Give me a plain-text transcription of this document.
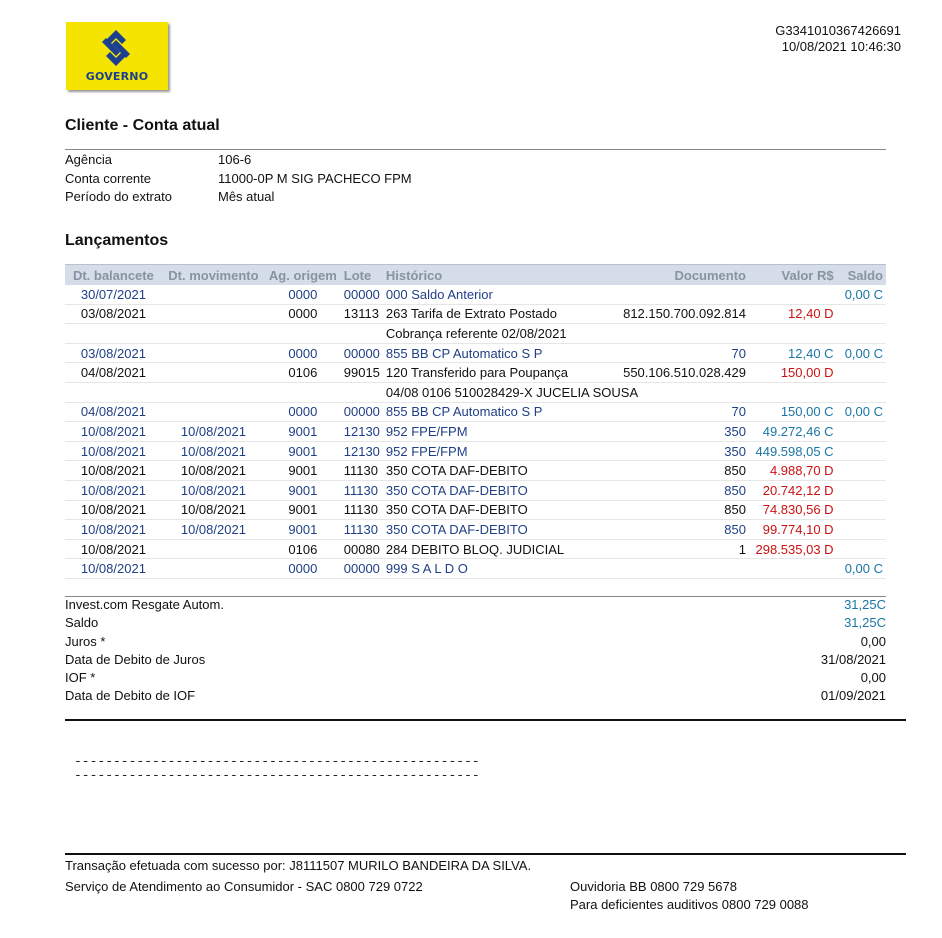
GOVERNO
G3341010367426691
10/08/2021 10:46:30
Cliente - Conta atual
Agência	106-6
Conta corrente	11000-0P M SIG PACHECO FPM
Período do extrato	Mês atual
Lançamentos
Dt. balancete	Dt. movimento	Ag. origem	Lote	Histórico	Documento	Valor R$	Saldo
30/07/2021		0000	00000	000 Saldo Anterior			0,00 C
03/08/2021		0000	13113	263 Tarifa de Extrato Postado	812.150.700.092.814	12,40 D	
				Cobrança referente 02/08/2021			
03/08/2021		0000	00000	855 BB CP Automatico S P	70	12,40 C	0,00 C
04/08/2021		0106	99015	120 Transferido para Poupança	550.106.510.028.429	150,00 D	
				04/08 0106 510028429-X JUCELIA SOUSA			
04/08/2021		0000	00000	855 BB CP Automatico S P	70	150,00 C	0,00 C
10/08/2021	10/08/2021	9001	12130	952 FPE/FPM	350	49.272,46 C	
10/08/2021	10/08/2021	9001	12130	952 FPE/FPM	350	449.598,05 C	
10/08/2021	10/08/2021	9001	11130	350 COTA DAF-DEBITO	850	4.988,70 D	
10/08/2021	10/08/2021	9001	11130	350 COTA DAF-DEBITO	850	20.742,12 D	
10/08/2021	10/08/2021	9001	11130	350 COTA DAF-DEBITO	850	74.830,56 D	
10/08/2021	10/08/2021	9001	11130	350 COTA DAF-DEBITO	850	99.774,10 D	
10/08/2021		0106	00080	284 DEBITO BLOQ. JUDICIAL	1	298.535,03 D	
10/08/2021		0000	00000	999 S A L D O			0,00 C
Invest.com Resgate Autom.	31,25C
Saldo	31,25C
Juros *	0,00
Data de Debito de Juros	31/08/2021
IOF *	0,00
Data de Debito de IOF	01/09/2021
----------------------------------------------------
----------------------------------------------------
Transação efetuada com sucesso por: J8111507 MURILO BANDEIRA DA SILVA.
Serviço de Atendimento ao Consumidor - SAC 0800 729 0722	Ouvidoria BB 0800 729 5678
Para deficientes auditivos 0800 729 0088
